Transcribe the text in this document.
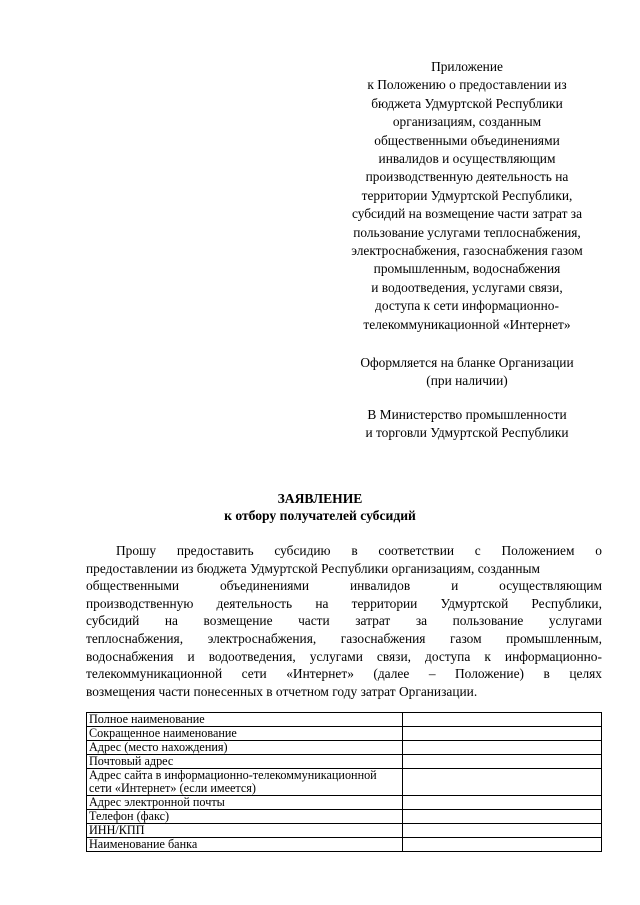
Приложение
к Положению о предоставлении из
бюджета Удмуртской Республики
организациям, созданным
общественными объединениями
инвалидов и осуществляющим
производственную деятельность на
территории Удмуртской Республики,
субсидий на возмещение части затрат за
пользование услугами теплоснабжения,
электроснабжения, газоснабжения газом
промышленным, водоснабжения
и водоотведения, услугами связи,
доступа к сети информационно-
телекоммуникационной «Интернет»
Оформляется на бланке Организации
(при наличии)
В Министерство промышленности
и торговли Удмуртской Республики
ЗАЯВЛЕНИЕ
к отбору получателей субсидий
Прошу предоставить субсидию в соответствии с Положением о
предоставлении из бюджета Удмуртской Республики организациям, созданным
общественными	объединениями	инвалидов	и	осуществляющим
производственную деятельность на территории Удмуртской Республики,
субсидий на возмещение части затрат за пользование услугами
теплоснабжения, электроснабжения, газоснабжения газом промышленным,
водоснабжения и водоотведения, услугами связи, доступа к информационно-
телекоммуникационной сети «Интернет» (далее – Положение) в целях
возмещения части понесенных в отчетном году затрат Организации.
Полное наименование	
Сокращенное наименование	
Адрес (место нахождения)	
Почтовый адрес	
Адрес сайта в информационно-телекоммуникационной сети «Интернет» (если имеется)	
Адрес электронной почты	
Телефон (факс)	
ИНН/КПП	
Наименование банка	
